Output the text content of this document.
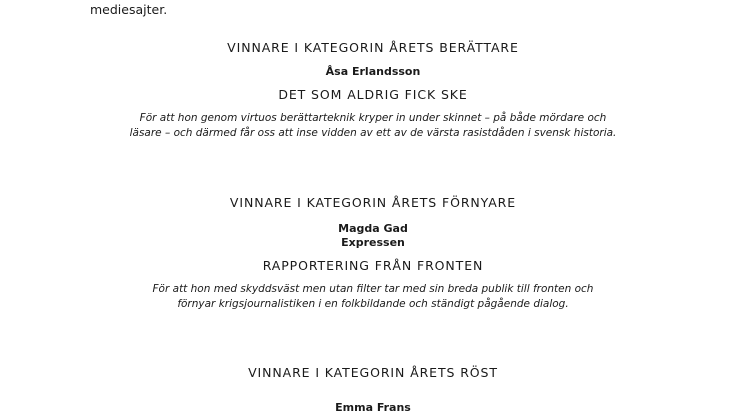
mediesajter.

VINNARE I KATEGORIN ÅRETS BERÄTTARE

Åsa Erlandsson

DET SOM ALDRIG FICK SKE

För att hon genom virtuos berättarteknik kryper in under skinnet – på både mördare och

läsare – och därmed får oss att inse vidden av ett av de värsta rasistdåden i svensk historia.

VINNARE I KATEGORIN ÅRETS FÖRNYARE

Magda Gad

Expressen

RAPPORTERING FRÅN FRONTEN

För att hon med skyddsväst men utan filter tar med sin breda publik till fronten och

förnyar krigsjournalistiken i en folkbildande och ständigt pågående dialog.

VINNARE I KATEGORIN ÅRETS RÖST

Emma Frans
